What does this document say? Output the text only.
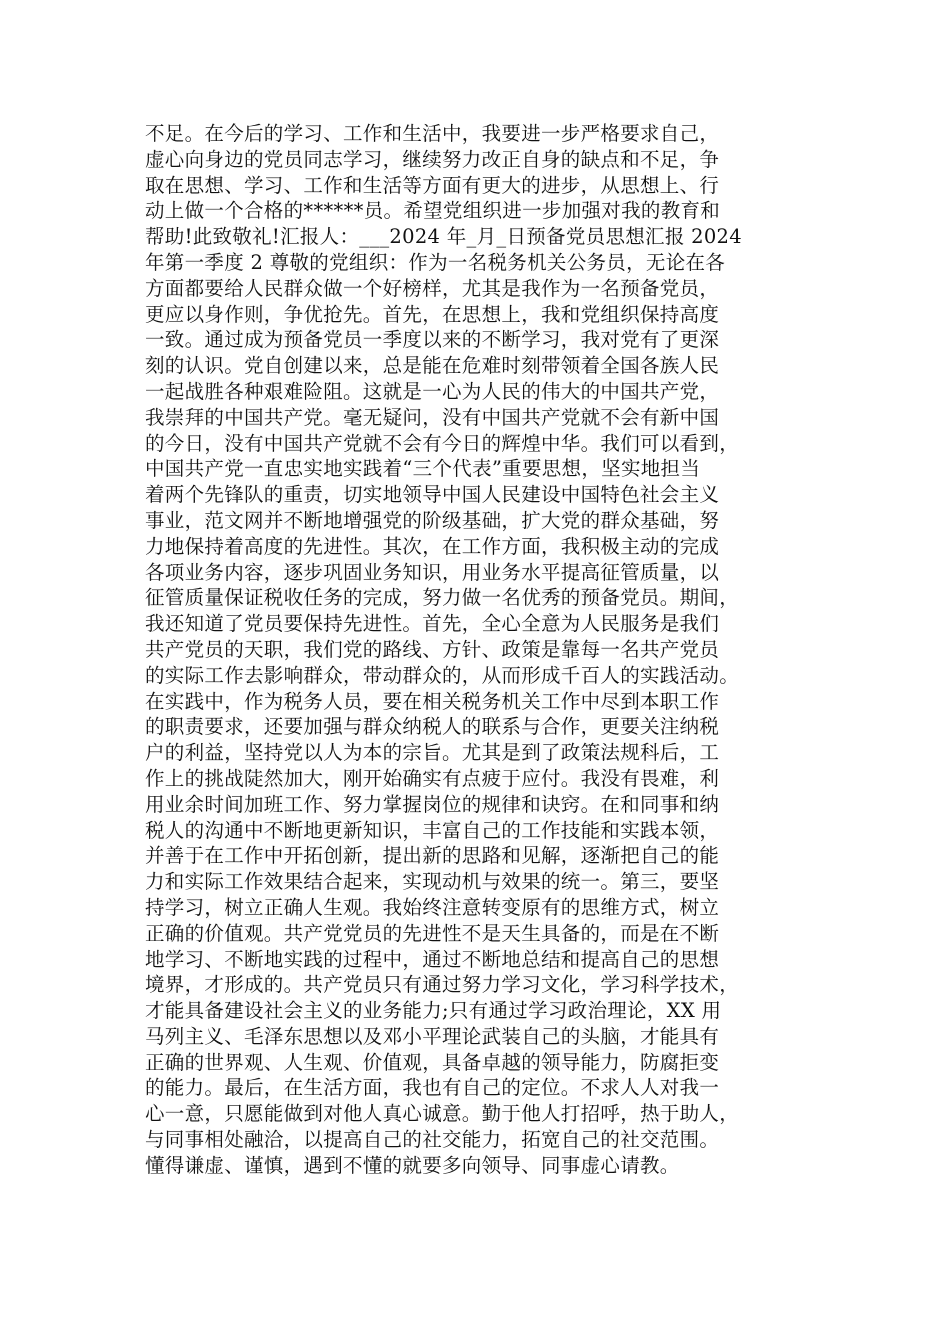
不足。在今后的学习、工作和生活中，我要进一步严格要求自己，
虚心向身边的党员同志学习，继续努力改正自身的缺点和不足，争
取在思想、学习、工作和生活等方面有更大的进步，从思想上、行
动上做一个合格的******员。希望党组织进一步加强对我的教育和
帮助!此致敬礼!汇报人：___2024 年_月_日预备党员思想汇报 2024
年第一季度 2 尊敬的党组织：作为一名税务机关公务员，无论在各
方面都要给人民群众做一个好榜样，尤其是我作为一名预备党员，
更应以身作则，争优抢先。首先，在思想上，我和党组织保持高度
一致。通过成为预备党员一季度以来的不断学习，我对党有了更深
刻的认识。党自创建以来，总是能在危难时刻带领着全国各族人民
一起战胜各种艰难险阻。这就是一心为人民的伟大的中国共产党，
我崇拜的中国共产党。毫无疑问，没有中国共产党就不会有新中国
的今日，没有中国共产党就不会有今日的辉煌中华。我们可以看到，
中国共产党一直忠实地实践着“三个代表”重要思想，坚实地担当
着两个先锋队的重责，切实地领导中国人民建设中国特色社会主义
事业，范文网并不断地增强党的阶级基础，扩大党的群众基础，努
力地保持着高度的先进性。其次，在工作方面，我积极主动的完成
各项业务内容，逐步巩固业务知识，用业务水平提高征管质量，以
征管质量保证税收任务的完成，努力做一名优秀的预备党员。期间，
我还知道了党员要保持先进性。首先，全心全意为人民服务是我们
共产党员的天职，我们党的路线、方针、政策是靠每一名共产党员
的实际工作去影响群众，带动群众的，从而形成千百人的实践活动。
在实践中，作为税务人员，要在相关税务机关工作中尽到本职工作
的职责要求，还要加强与群众纳税人的联系与合作，更要关注纳税
户的利益，坚持党以人为本的宗旨。尤其是到了政策法规科后，工
作上的挑战陡然加大，刚开始确实有点疲于应付。我没有畏难，利
用业余时间加班工作、努力掌握岗位的规律和诀窍。在和同事和纳
税人的沟通中不断地更新知识，丰富自己的工作技能和实践本领，
并善于在工作中开拓创新，提出新的思路和见解，逐渐把自己的能
力和实际工作效果结合起来，实现动机与效果的统一。第三，要坚
持学习，树立正确人生观。我始终注意转变原有的思维方式，树立
正确的价值观。共产党党员的先进性不是天生具备的，而是在不断
地学习、不断地实践的过程中，通过不断地总结和提高自己的思想
境界，才形成的。共产党员只有通过努力学习文化，学习科学技术，
才能具备建设社会主义的业务能力;只有通过学习政治理论，XX 用
马列主义、毛泽东思想以及邓小平理论武装自己的头脑，才能具有
正确的世界观、人生观、价值观，具备卓越的领导能力，防腐拒变
的能力。最后，在生活方面，我也有自己的定位。不求人人对我一
心一意，只愿能做到对他人真心诚意。勤于他人打招呼，热于助人，
与同事相处融洽，以提高自己的社交能力，拓宽自己的社交范围。
懂得谦虚、谨慎，遇到不懂的就要多向领导、同事虚心请教。
